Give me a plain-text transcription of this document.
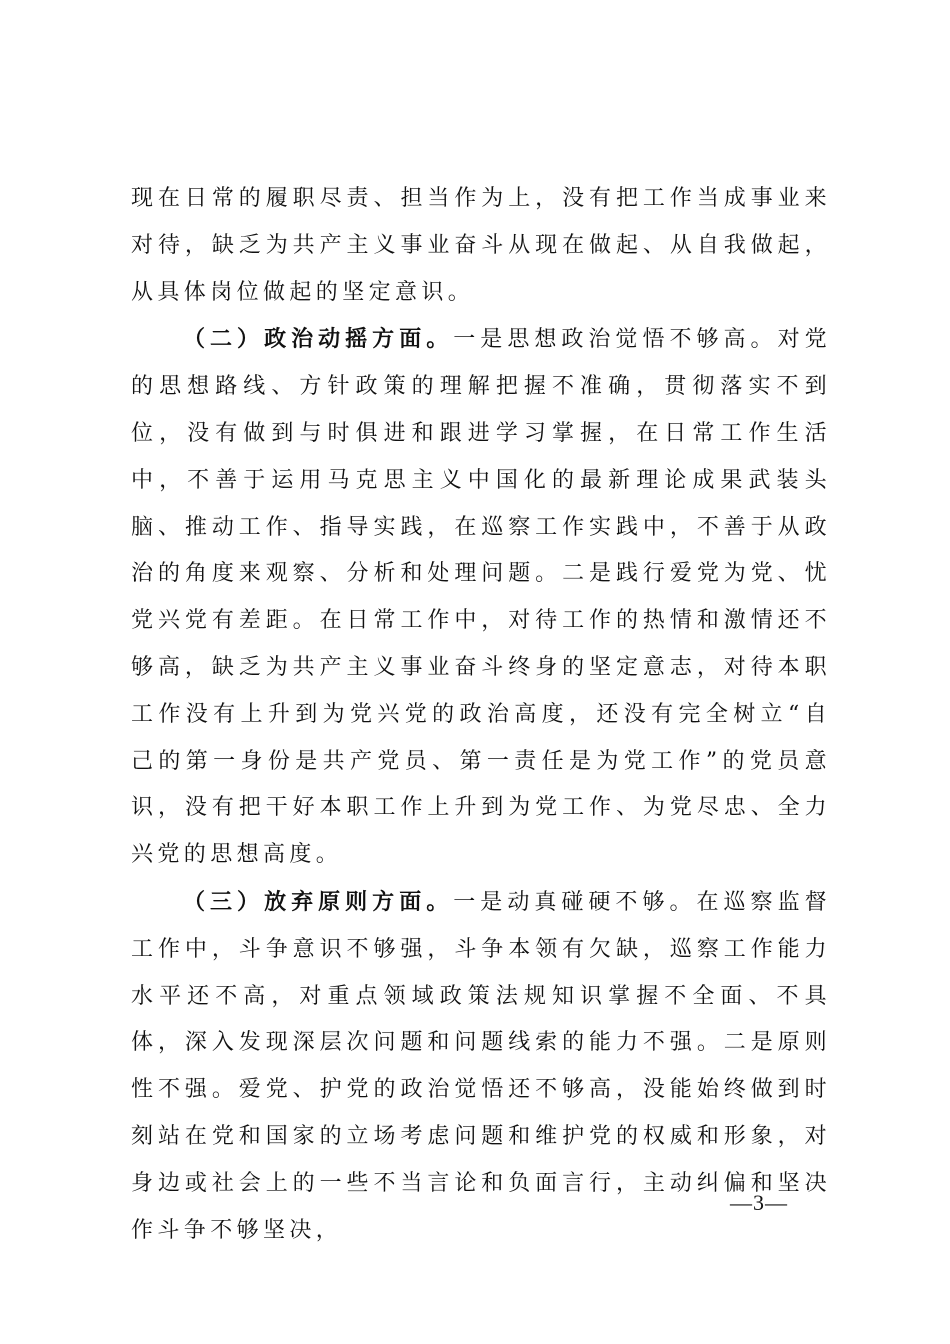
现在日常的履职尽责、担当作为上，没有把工作当成事业来对待，缺乏为共产主义事业奋斗从现在做起、从自我做起，从具体岗位做起的坚定意识。

（二）政治动摇方面。一是思想政治觉悟不够高。对党的思想路线、方针政策的理解把握不准确，贯彻落实不到位，没有做到与时俱进和跟进学习掌握，在日常工作生活中，不善于运用马克思主义中国化的最新理论成果武装头脑、推动工作、指导实践，在巡察工作实践中，不善于从政治的角度来观察、分析和处理问题。二是践行爱党为党、忧党兴党有差距。在日常工作中，对待工作的热情和激情还不够高，缺乏为共产主义事业奋斗终身的坚定意志，对待本职工作没有上升到为党兴党的政治高度，还没有完全树立“自己的第一身份是共产党员、第一责任是为党工作”的党员意识，没有把干好本职工作上升到为党工作、为党尽忠、全力兴党的思想高度。

（三）放弃原则方面。一是动真碰硬不够。在巡察监督工作中，斗争意识不够强，斗争本领有欠缺，巡察工作能力水平还不高，对重点领域政策法规知识掌握不全面、不具体，深入发现深层次问题和问题线索的能力不强。二是原则性不强。爱党、护党的政治觉悟还不够高，没能始终做到时刻站在党和国家的立场考虑问题和维护党的权威和形象，对身边或社会上的一些不当言论和负面言行，主动纠偏和坚决作斗争不够坚决，

—3—
